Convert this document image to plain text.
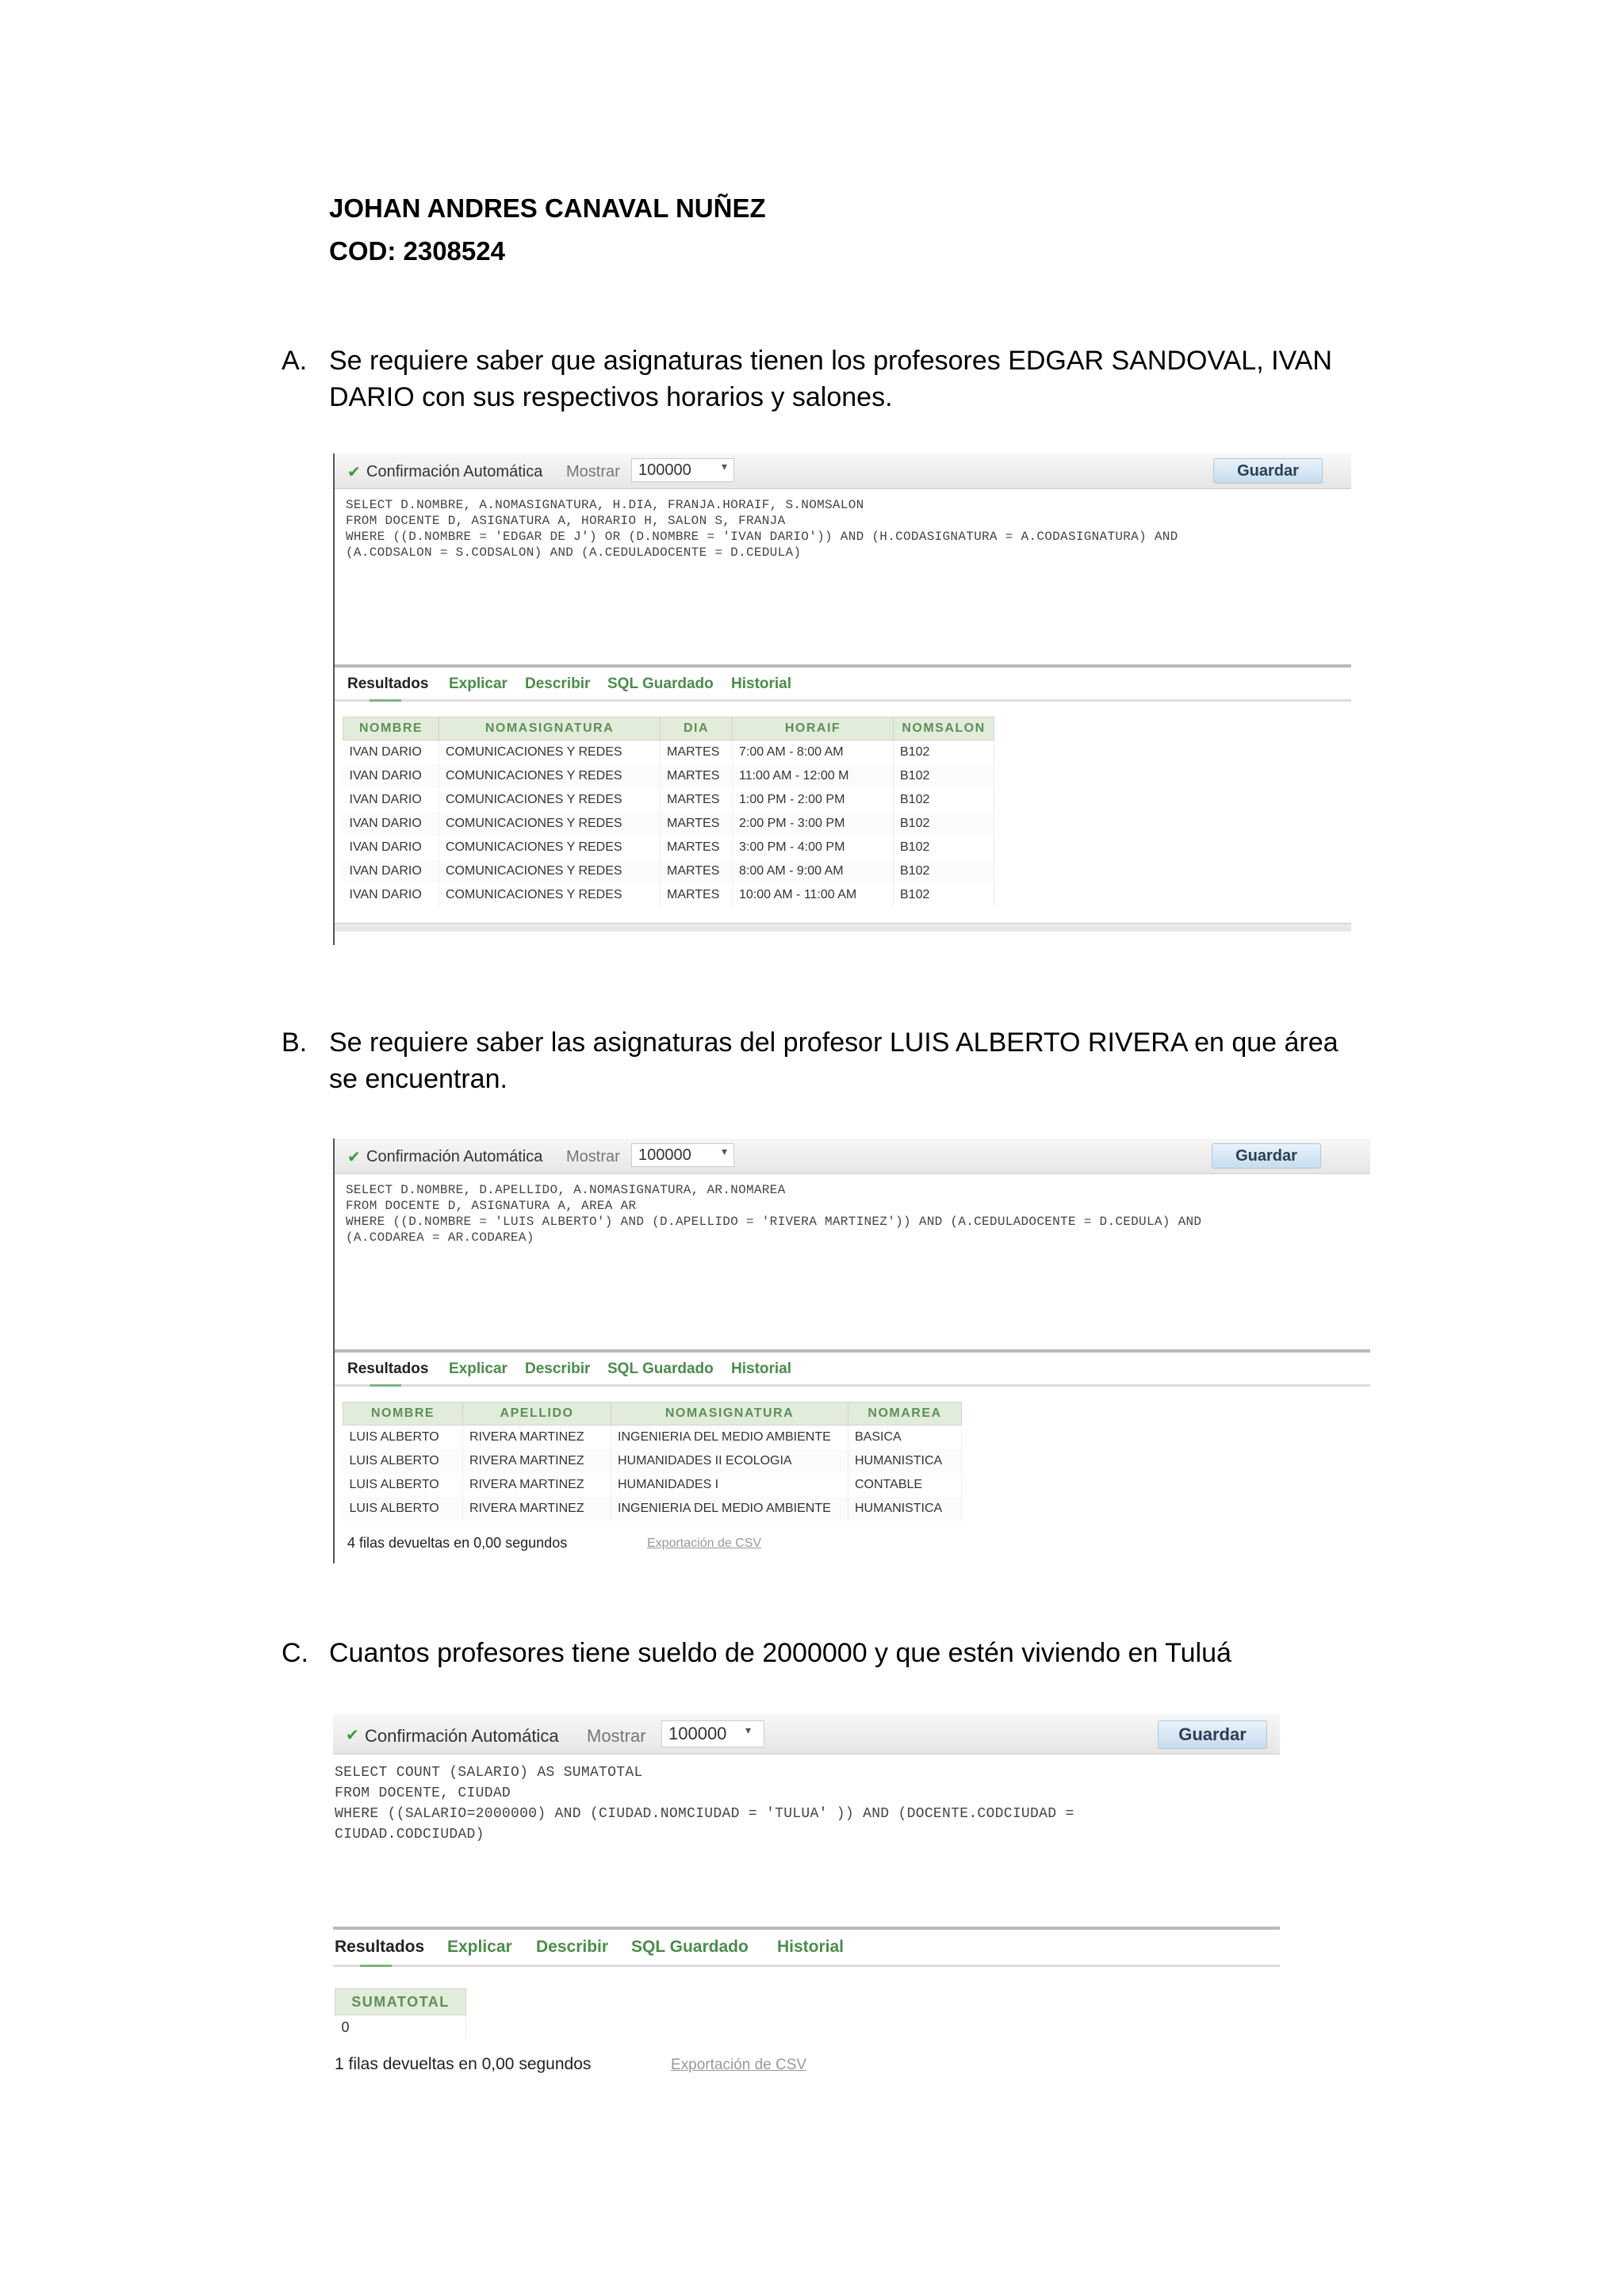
JOHAN ANDRES CANAVAL NUÑEZ
COD: 2308524
A. Se requiere saber que asignaturas tienen los profesores EDGAR SANDOVAL, IVAN DARIO con sus respectivos horarios y salones.
✔ Confirmación Automática Mostrar	100000	▾	Guardar
SELECT D.NOMBRE, A.NOMASIGNATURA, H.DIA, FRANJA.HORAIF, S.NOMSALON
FROM DOCENTE D, ASIGNATURA A, HORARIO H, SALON S, FRANJA
WHERE ((D.NOMBRE = 'EDGAR DE J') OR (D.NOMBRE = 'IVAN DARIO')) AND (H.CODASIGNATURA = A.CODASIGNATURA) AND
(A.CODSALON = S.CODSALON) AND (A.CEDULADOCENTE = D.CEDULA)
Resultados Explicar Describir SQL Guardado Historial
NOMBRE	NOMASIGNATURA	DIA	HORAIF	NOMSALON
IVAN DARIO	COMUNICACIONES Y REDES	MARTES	7:00 AM - 8:00 AM	B102
IVAN DARIO	COMUNICACIONES Y REDES	MARTES	11:00 AM - 12:00 M	B102
IVAN DARIO	COMUNICACIONES Y REDES	MARTES	1:00 PM - 2:00 PM	B102
IVAN DARIO	COMUNICACIONES Y REDES	MARTES	2:00 PM - 3:00 PM	B102
IVAN DARIO	COMUNICACIONES Y REDES	MARTES	3:00 PM - 4:00 PM	B102
IVAN DARIO	COMUNICACIONES Y REDES	MARTES	8:00 AM - 9:00 AM	B102
IVAN DARIO	COMUNICACIONES Y REDES	MARTES	10:00 AM - 11:00 AM	B102
B. Se requiere saber las asignaturas del profesor LUIS ALBERTO RIVERA en que área se encuentran.
✔ Confirmación Automática Mostrar	100000	▾	Guardar
SELECT D.NOMBRE, D.APELLIDO, A.NOMASIGNATURA, AR.NOMAREA
FROM DOCENTE D, ASIGNATURA A, AREA AR
WHERE ((D.NOMBRE = 'LUIS ALBERTO') AND (D.APELLIDO = 'RIVERA MARTINEZ')) AND (A.CEDULADOCENTE = D.CEDULA) AND
(A.CODAREA = AR.CODAREA)
Resultados Explicar Describir SQL Guardado Historial
NOMBRE	APELLIDO	NOMASIGNATURA	NOMAREA
LUIS ALBERTO	RIVERA MARTINEZ	INGENIERIA DEL MEDIO AMBIENTE	BASICA
LUIS ALBERTO	RIVERA MARTINEZ	HUMANIDADES II ECOLOGIA	HUMANISTICA
LUIS ALBERTO	RIVERA MARTINEZ	HUMANIDADES I	CONTABLE
LUIS ALBERTO	RIVERA MARTINEZ	INGENIERIA DEL MEDIO AMBIENTE	HUMANISTICA
4 filas devueltas en 0,00 segundos	Exportación de CSV
C. Cuantos profesores tiene sueldo de 2000000 y que estén viviendo en Tuluá
✔ Confirmación Automática Mostrar	100000	▾	Guardar
SELECT COUNT (SALARIO) AS SUMATOTAL
FROM DOCENTE, CIUDAD
WHERE ((SALARIO=2000000) AND (CIUDAD.NOMCIUDAD = 'TULUA' )) AND (DOCENTE.CODCIUDAD =
CIUDAD.CODCIUDAD)
Resultados Explicar Describir SQL Guardado Historial
SUMATOTAL
0
1 filas devueltas en 0,00 segundos	Exportación de CSV
